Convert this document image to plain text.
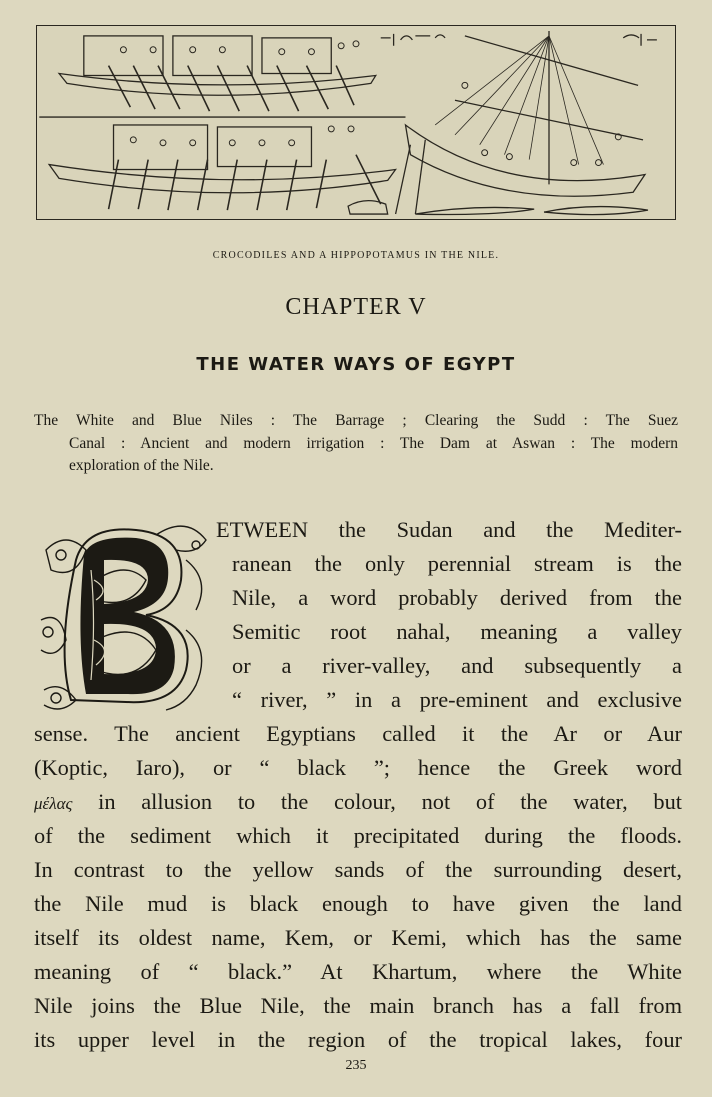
CROCODILES AND A HIPPOPOTAMUS IN THE NILE.
CHAPTER V
THE WATER WAYS OF EGYPT
The White and Blue Niles : The Barrage ; Clearing the Sudd : The Suez
Canal : Ancient and modern irrigation : The Dam at Aswan : The modern
exploration of the Nile.
ETWEEN the Sudan and the Mediter-
ranean the only perennial stream is the
Nile, a word probably derived from the
Semitic root nahal, meaning a valley
or a river-valley, and subsequently a
“ river, ” in a pre-eminent and exclusive
sense. The ancient Egyptians called it the Ar or Aur
(Koptic, Iaro), or “ black ”; hence the Greek word
μέλας in allusion to the colour, not of the water, but
of the sediment which it precipitated during the floods.
In contrast to the yellow sands of the surrounding desert,
the Nile mud is black enough to have given the land
itself its oldest name, Kem, or Kemi, which has the same
meaning of “ black.” At Khartum, where the White
Nile joins the Blue Nile, the main branch has a fall from
its upper level in the region of the tropical lakes, four
235
